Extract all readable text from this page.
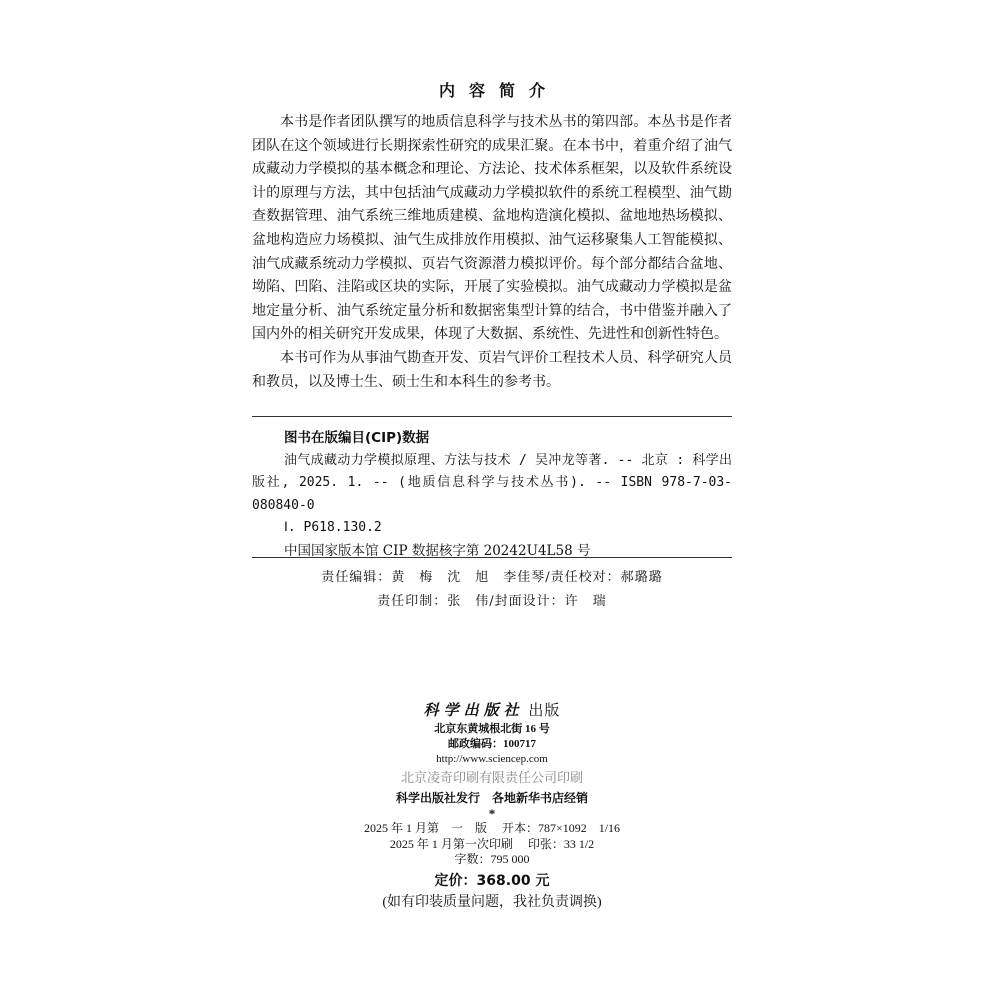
内容简介

本书是作者团队撰写的地质信息科学与技术丛书的第四部。本丛书是作者团队在这个领域进行长期探索性研究的成果汇聚。在本书中，着重介绍了油气成藏动力学模拟的基本概念和理论、方法论、技术体系框架，以及软件系统设计的原理与方法，其中包括油气成藏动力学模拟软件的系统工程模型、油气勘查数据管理、油气系统三维地质建模、盆地构造演化模拟、盆地地热场模拟、盆地构造应力场模拟、油气生成排放作用模拟、油气运移聚集人工智能模拟、油气成藏系统动力学模拟、页岩气资源潜力模拟评价。每个部分都结合盆地、坳陷、凹陷、洼陷或区块的实际，开展了实验模拟。油气成藏动力学模拟是盆地定量分析、油气系统定量分析和数据密集型计算的结合，书中借鉴并融入了国内外的相关研究开发成果，体现了大数据、系统性、先进性和创新性特色。

本书可作为从事油气勘查开发、页岩气评价工程技术人员、科学研究人员和教员，以及博士生、硕士生和本科生的参考书。

图书在版编目(CIP)数据
油气成藏动力学模拟原理、方法与技术 / 吴冲龙等著. -- 北京 : 科学出版社, 2025. 1. -- (地质信息科学与技术丛书). -- ISBN 978-7-03-080840-0
Ⅰ. P618.130.2
中国国家版本馆 CIP 数据核字第 20242U4L58 号
责任编辑：黄　梅　沈　旭　李佳琴/责任校对：郝璐璐
责任印制：张　伟/封面设计：许　瑞
科学出版社 出版
北京东黄城根北街 16 号
邮政编码：100717
http://www.sciencep.com
北京凌奇印刷有限责任公司印刷
科学出版社发行　各地新华书店经销
*
2025 年 1 月第　一　版　 开本：787×1092　1/16
2025 年 1 月第一次印刷　 印张：33 1/2
字数：795 000
定价：368.00 元
(如有印装质量问题，我社负责调换)
